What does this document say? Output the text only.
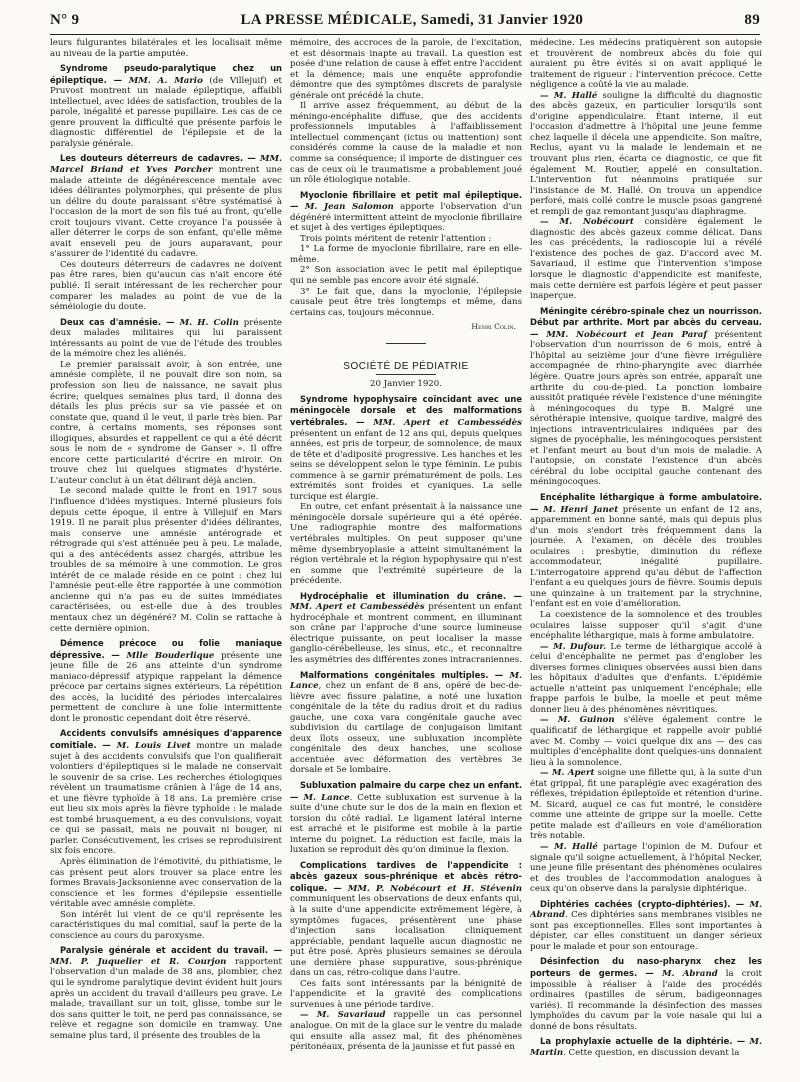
N° 9	LA PRESSE MÉDICALE, Samedi, 31 Janvier 1920	89

leurs fulgurantes bilatérales et les localisait même au niveau de la partie amputée.

Syndrome pseudo-paralytique chez un épileptique. — MM. A. Mario (de Villejuif) et Pruvost montrent un malade épileptique, affaibli intellectuel, avec idées de satisfaction, troubles de la parole, inégalité et paresse pupillaire. Les cas de ce genre prouvent la difficulté que présente parfois le diagnostic différentiel de l'épilepsie et de la paralysie générale.

Les douteurs déterreurs de cadavres. — MM. Marcel Briand et Yves Porcher montrent une malade atteinte de dégénérescence mentale avec idées délirantes polymorphes, qui présente de plus un délire du doute paraissant s'être systématisé à l'occasion de la mort de son fils tué au front, qu'elle croit toujours vivant. Cette croyance l'a poussée à aller déterrer le corps de son enfant, qu'elle même avait enseveli peu de jours auparavant, pour s'assurer de l'identité du cadavre.

Ces douteurs déterreurs de cadavres ne doivent pas être rares, bien qu'aucun cas n'ait encore été publié. Il serait intéressant de les rechercher pour comparer les malades au point de vue de la séméiologie du doute.

Deux cas d'amnésie. — M. H. Colin présente deux malades militaires qui lui paraissent intéressants au point de vue de l'étude des troubles de la mémoire chez les aliénés.

Le premier paraissait avoir, à son entrée, une amnésie complète, il ne pouvait dire son nom, sa profession son lieu de naissance, ne savait plus écrire; quelques semaines plus tard, il donna des détails les plus précis sur sa vie passée et on constate que, quand il le veut, il parle très bien. Par contre, à certains moments, ses réponses sont illogiques, absurdes et rappellent ce qui a été décrit sous le nom de « syndrome de Ganser ». Il offre encore cette particularité d'écrire en miroir. On trouve chez lui quelques stigmates d'hystérie. L'auteur conclut à un état délirant déjà ancien.

Le second malade quitte le front en 1917 sous l'influence d'idées mystiques. Interné plusieurs fois depuis cette époque, il entre à Villejuif en Mars 1919. Il ne parait plus présenter d'idées délirantes, mais conserve une amnésie antérograde et rétrograde qui s'est atténuée peu à peu. Le malade, qui a des antécédents assez chargés, attribue les troubles de sa mémoire à une commotion. Le gros intérêt de ce malade réside en ce point : chez lui l'amnésie peut-elle être rapportée à une commotion ancienne qui n'a pas eu de suites immédiates caractérisées, ou est-elle due à des troubles mentaux chez un dégénéré? M. Colin se rattache à cette dernière opinion.

Démence précoce ou folie maniaque dépressive. — Mlle Bouderlique présente une jeune fille de 26 ans atteinte d'un syndrome maniaco-dépressif atypique rappelant la démence précoce par certains signes extérieurs. La répétition des accès, la lucidité des périodes intercalaires permettent de conclure à une folie intermittente dont le pronostic cependant doit être réservé.

Accidents convulsifs amnésiques d'apparence comitiale. — M. Louis Livet montre un malade sujet à des accidents convulsifs que l'on qualifierait volontiers d'épileptiques si le malade ne conservait le souvenir de sa crise. Les recherches étiologiques révèlent un traumatisme crânien à l'âge de 14 ans, et une fièvre typhoïde à 18 ans. La première crise eut lieu six mois après la fièvre typhoïde : le malade est tombé brusquement, a eu des convulsions, voyait ce qui se passait, mais ne pouvait ni bouger, ni parler. Consécutivement, les crises se reproduisirent six fois encore.

Après élimination de l'émotivité, du pithiatisme, le cas présent peut alors trouver sa place entre les formes Bravais-Jacksonienne avec conservation de la conscience et les formes d'épilepsie essentielle véritable avec amnésie complète.

Son intérêt lui vient de ce qu'il représente les caractéristiques du mal comitial, sauf la perte de la conscience au cours du paroxysme.

Paralysie générale et accident du travail. — MM. P. Juquelier et R. Courjon rapportent l'observation d'un malade de 38 ans, plombier, chez qui le syndrome paralytique devint évident huit jours après un accident du travail d'ailleurs peu grave. Le malade, travaillant sur un toit, glisse, tombe sur le dos sans quitter le toit, ne perd pas connaissance, se relève et regagne son domicile en tramway. Une semaine plus tard, il présente des troubles de la

mémoire, des accroces de la parole, de l'excitation, et est désormais inapte au travail. La question est posée d'une relation de cause à effet entre l'accident et la démence; mais une enquête approfondie démontre que des symptômes discrets de paralysie générale ont précédé la chute.

Il arrive assez fréquemment, au début de la méningo-encéphalite diffuse, que des accidents professionnels imputables à l'affaiblissement intellectuel commençant (ictus ou inattention) sont considérés comme la cause de la maladie et non comme sa conséquence; il importe de distinguer ces cas de ceux où le traumatisme a probablement joué un rôle étiologique notable.

Myoclonie fibrillaire et petit mal épileptique. — M. Jean Salomon apporte l'observation d'un dégénéré intermittent atteint de myoclonie fibrillaire et sujet à des vertiges épileptiques.

Trois points méritent de retenir l'attention :

1° La forme de myoclonie fibrillaire, rare en elle-même.

2° Son association avec le petit mal épileptique qui ne semble pas encore avoir été signalé.

3° Le fait que, dans la myoclonie, l'épilepsie causale peut être très longtemps et même, dans certains cas, toujours méconnue.

Henri Colin.
SOCIÉTÉ DE PÉDIATRIE
20 Janvier 1920.

Syndrome hypophysaire coïncidant avec une méningocèle dorsale et des malformations vertébrales. — MM. Apert et Cambessédès présentent un enfant de 12 ans qui, depuis quelques années, est pris de torpeur, de somnolence, de maux de tête et d'adiposité progressive. Les hanches et les seins se développent selon le type féminin. Le pubis commence à se garnir prématurément de poils. Les extrémités sont froides et cyaniques. La selle turcique est élargie.

En outre, cet enfant présentait à la naissance une méningocèle dorsale supérieure qui a été opérée. Une radiographie montre des malformations vertébrales multiples. On peut supposer qu'une même dysembryoplasie a atteint simultanément la région vertébrale et la région hypophysaire qui n'est en somme que l'extrémité supérieure de la précédente.

Hydrocéphalie et illumination du crâne. — MM. Apert et Cambessédès présentent un enfant hydrocéphale et montrent comment, en illuminant son crâne par l'approche d'une source lumineuse électrique puissante, on peut localiser la masse ganglio-cérébelleuse, les sinus, etc., et reconnaître les asymétries des différentes zones intracraniennes.

Malformations congénitales multiples. — M. Lance, chez un enfant de 8 ans, opéré de bec-de-lièvre avec fissure palatine, a noté une luxation congénitale de la tête du radius droit et du radius gauche, une coxa vara congénitale gauche avec subdivision du cartilage de conjugaison limitant deux îlots osseux, une subluxation incomplète congénitale des deux hanches, une scoliose accentuée avec déformation des vertèbres 3e dorsale et 5e lombaire.

Subluxation palmaire du carpe chez un enfant. — M. Lance. Cette subluxation est survenue à la suite d'une chute sur le dos de la main en flexion et torsion du côté radial. Le ligament latéral interne est arraché et le pisiforme est mobile à la partie interne du poignet. La réduction est facile, mais la luxation se reproduit dès qu'on diminue la flexion.

Complications tardives de l'appendicite : abcès gazeux sous-phrénique et abcès rétro-colique. — MM. P. Nobécourt et H. Stévenin communiquent les observations de deux enfants qui, à la suite d'une appendicite extrêmement légère, à symptômes fugaces, présentèrent une phase d'injection sans localisation cliniquement appréciable, pendant laquelle aucun diagnostic ne put être posé. Après plusieurs semaines se déroula une dernière phase suppurative, sous-phrénique dans un cas, rétro-colique dans l'autre.

Ces faits sont intéressants par la bénignité de l'appendicite et la gravité des complications survenues à une période tardive.

— M. Savariaud rappelle un cas personnel analogue. On mit de la glace sur le ventre du malade qui ensuite alla assez mal, fit des phénomènes péritonéaux, présenta de la jaunisse et fut passé en

médecine. Les médecins pratiquèrent son autopsie et trouvèrent de nombreux abcès du foie qui auraient pu être évités si on avait appliqué le traitement de rigueur : l'intervention précoce. Cette négligence a coûté la vie au malade.

— M. Hallé souligne la difficulté du diagnostic des abcès gazeux, en particulier lorsqu'ils sont d'origine appendiculaire. Étant interne, il eut l'occasion d'admettre à l'hôpital une jeune femme chez laquelle il décela une appendicite. Son maître, Reclus, ayant vu la malade le lendemain et ne trouvant plus rien, écarta ce diagnostic, ce que fit également M. Routier, appelé en consultation. L'intervention fut néanmoins pratiquée sur l'insistance de M. Hallé. On trouva un appendice perforé, mais collé contre le muscle psoas gangrené et rempli de gaz remontant jusqu'au diaphragme.

— M. Nobécourt considère également le diagnostic des abcès gazeux comme délicat. Dans les cas précédents, la radioscopie lui a révélé l'existence des poches de gaz. D'accord avec M. Savariaud, il estime que l'intervention s'impose lorsque le diagnostic d'appendicite est manifeste, mais cette dernière est parfois légère et peut passer inaperçue.

Méningite cérébro-spinale chez un nourrisson. Début par arthrite. Mort par abcès du cerveau. — MM. Nobécourt et Jean Paraf présentent l'observation d'un nourrisson de 6 mois, entré à l'hôpital au seizième jour d'une fièvre irrégulière accompagnée de rhino-pharyngite avec diarrhée légère. Quatre jours après son entrée, apparaît une arthrite du cou-de-pied. La ponction lombaire aussitôt pratiquée révèle l'existence d'une méningite à méningocoques du type B. Malgré une sérothérapie intensive, quoique tardive, malgré des injections intraventriculaires indiquées par des signes de pyocéphalie, les méningocoques persistent et l'enfant meurt au bout d'un mois de maladie. A l'autopsie, on constate l'existence d'un abcès cérébral du lobe occipital gauche contenant des méningocoques.

Encéphalite léthargique à forme ambulatoire. — M. Henri Janet présente un enfant de 12 ans, apparemment en bonne santé, mais qui depuis plus d'un mois s'endort très fréquemment dans la journée. A l'examen, on décèle des troubles oculaires : presbytie, diminution du réflexe accommodateur, inégalité pupillaire. L'interrogatoire apprend qu'au début de l'affection l'enfant a eu quelques jours de fièvre. Soumis depuis une quinzaine à un traitement par la strychnine, l'enfant est en voie d'amélioration.

La coexistence de la somnolence et des troubles oculaires laisse supposer qu'il s'agit d'une encéphalite léthargique, mais à forme ambulatoire.

— M. Dufour. Le terme de léthargique accolé à celui d'encéphalite ne permet pas d'englober les diverses formes cliniques observées aussi bien dans les hôpitaux d'adultes que d'enfants. L'épidémie actuelle n'atteint pas uniquement l'encéphale; elle frappe parfois le bulbe, la moelle et peut même donner lieu à des phénomènes névritiques.

— M. Guinon s'élève également contre le qualificatif de léthargique et rappelle avoir publié avec M. Comby — voici quelque dix ans — des cas multiples d'encéphalite dont quelques-uns donnaient lieu à la somnolence.

— M. Apert soigne une fillette qui, à la suite d'un état grippal, fit une paraplégie avec exagération des réflexes, trépidation épileptoïde et rétention d'urine. M. Sicard, auquel ce cas fut montré, le considère comme une atteinte de grippe sur la moelle. Cette petite malade est d'ailleurs en voie d'amélioration très notable.

— M. Hallé partage l'opinion de M. Dufour et signale qu'il soigne actuellement, à l'hôpital Necker, une jeune fille présentant des phénomènes oculaires et des troubles de l'accommodation analogues à ceux qu'on observe dans la paralysie diphtérique.

Diphtéries cachées (crypto-diphtéries). — M. Abrand. Ces diphtéries sans membranes visibles ne sont pas exceptionnelles. Elles sont importantes à dépister, car elles constituent un danger sérieux pour le malade et pour son entourage.

Désinfection du naso-pharynx chez les porteurs de germes. — M. Abrand la croit impossible à réaliser à l'aide des procédés ordinaires (pastilles de sérum, badigeonnages variés). Il recommande la désinfection des masses lymphoïdes du cavum par la voie nasale qui lui a donné de bons résultats.

La prophylaxie actuelle de la diphtérie. — M. Martin. Cette question, en discussion devant la
